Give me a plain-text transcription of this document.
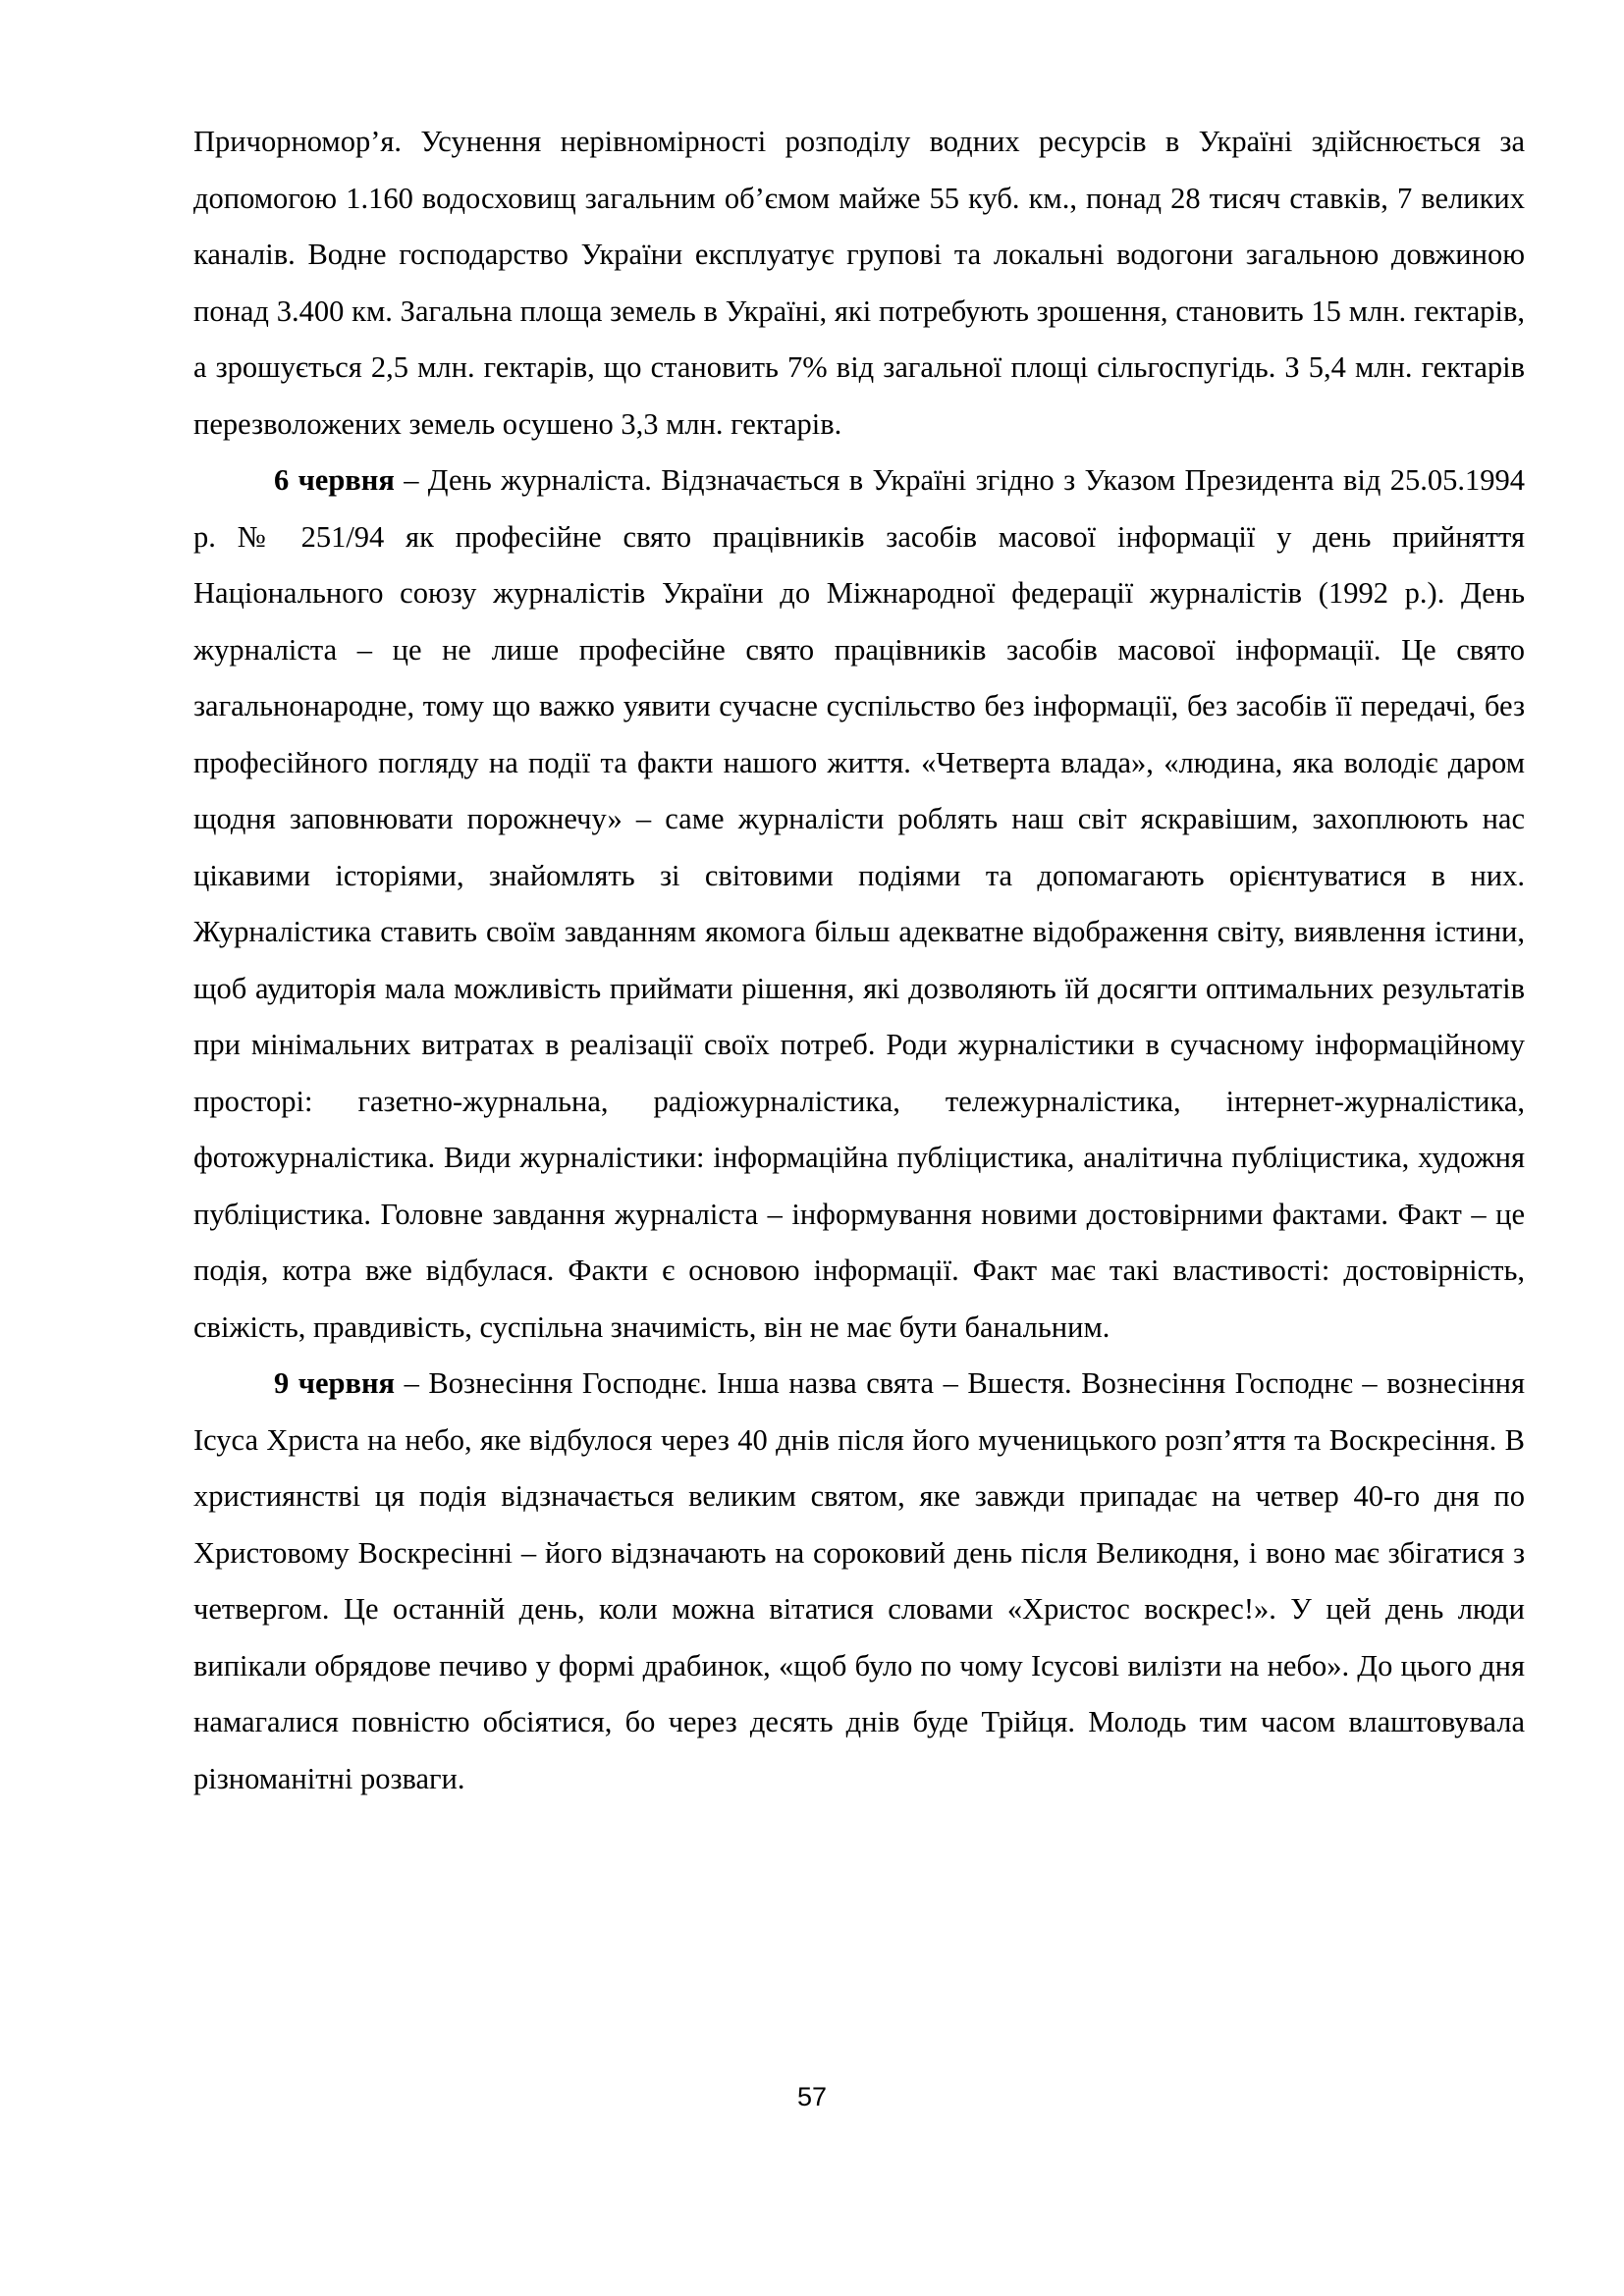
Причорномор’я. Усунення нерівномірності розподілу водних ресурсів в Україні здійснюється за допомогою 1.160 водосховищ загальним об’ємом майже 55 куб. км., понад 28 тисяч ставків, 7 великих каналів. Водне господарство України експлуатує групові та локальні водогони загальною довжиною понад 3.400 км. Загальна площа земель в Україні, які потребують зрошення, становить 15 млн. гектарів, а зрошується 2,5 млн. гектарів, що становить 7% від загальної площі сільгоспугідь. З 5,4 млн. гектарів перезволожених земель осушено 3,3 млн. гектарів.

6 червня – День журналіста. Відзначається в Україні згідно з Указом Президента від 25.05.1994 р. № 251/94 як професійне свято працівників засобів масової інформації у день прийняття Національного союзу журналістів України до Міжнародної федерації журналістів (1992 р.). День журналіста – це не лише професійне свято працівників засобів масової інформації. Це свято загальнонародне, тому що важко уявити сучасне суспільство без інформації, без засобів її передачі, без професійного погляду на події та факти нашого життя. «Четверта влада», «людина, яка володіє даром щодня заповнювати порожнечу» – саме журналісти роблять наш світ яскравішим, захоплюють нас цікавими історіями, знайомлять зі світовими подіями та допомагають орієнтуватися в них. Журналістика ставить своїм завданням якомога більш адекватне відображення світу, виявлення істини, щоб аудиторія мала можливість приймати рішення, які дозволяють їй досягти оптимальних результатів при мінімальних витратах в реалізації своїх потреб. Роди журналістики в сучасному інформаційному просторі: газетно-журнальна, радіожурналістика, тележурналістика, інтернет-журналістика, фотожурналістика. Види журналістики: інформаційна публіцистика, аналітична публіцистика, художня публіцистика. Головне завдання журналіста – інформування новими достовірними фактами. Факт – це подія, котра вже відбулася. Факти є основою інформації. Факт має такі властивості: достовірність, свіжість, правдивість, суспільна значимість, він не має бути банальним.

9 червня – Вознесіння Господнє. Інша назва свята – Вшестя. Вознесіння Господнє – вознесіння Ісуса Христа на небо, яке відбулося через 40 днів після його мученицького розп’яття та Воскресіння. В християнстві ця подія відзначається великим святом, яке завжди припадає на четвер 40-го дня по Христовому Воскресінні – його відзначають на сороковий день після Великодня, і воно має збігатися з четвергом. Це останній день, коли можна вітатися словами «Христос воскрес!». У цей день люди випікали обрядове печиво у формі драбинок, «щоб було по чому Ісусові вилізти на небо». До цього дня намагалися повністю обсіятися, бо через десять днів буде Трійця. Молодь тим часом влаштовувала різноманітні розваги.

57
